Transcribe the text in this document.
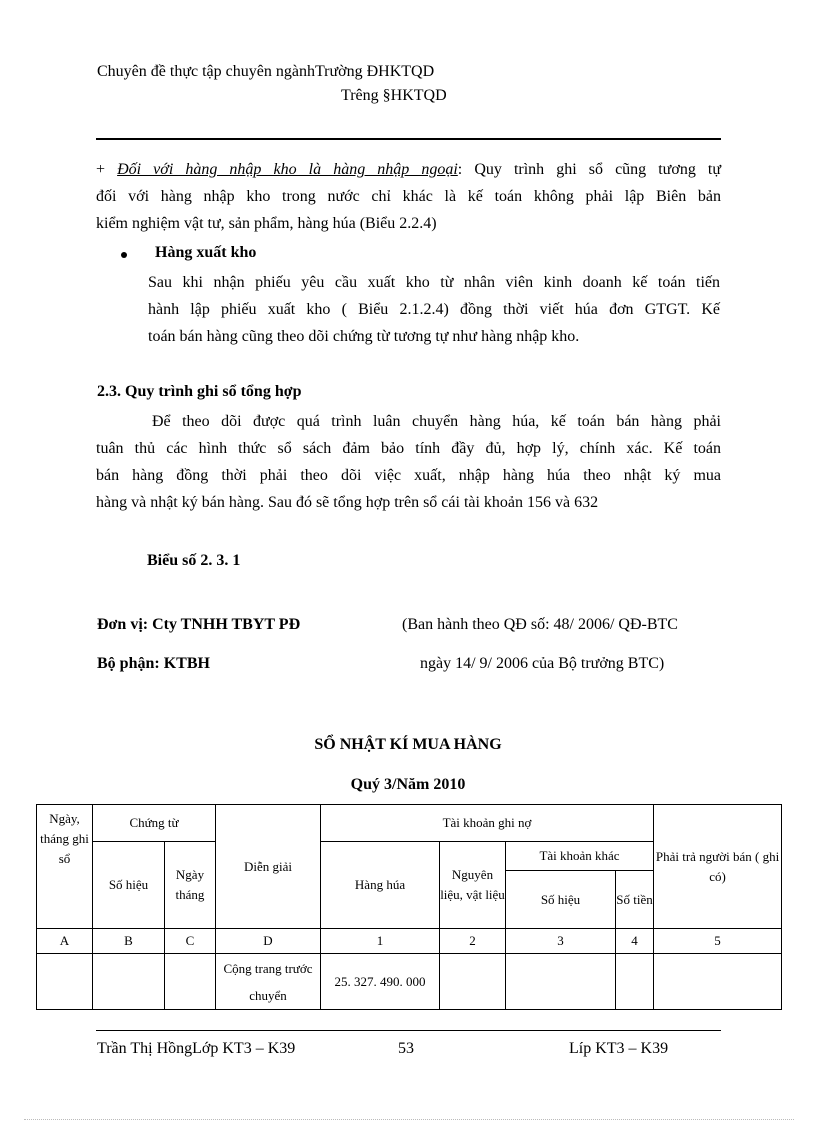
Chuyên đề thực tập chuyên ngànhTrường ĐHKTQD
Trêng §HKTQD
+ Đối với hàng nhập kho là hàng nhập ngoại: Quy trình ghi sổ cũng tương tự
đối với hàng nhập kho trong nước chỉ khác là kế toán không phải lập Biên bản
kiểm nghiệm vật tư, sản phẩm, hàng húa (Biểu 2.2.4)
Hàng xuất kho
Sau khi nhận phiếu yêu cầu xuất kho từ nhân viên kinh doanh kế toán tiến
hành lập phiếu xuất kho ( Biểu 2.1.2.4) đồng thời viết húa đơn GTGT. Kế
toán bán hàng cũng theo dõi chứng từ tương tự như hàng nhập kho.
2.3. Quy trình ghi sổ tổng hợp
Để theo dõi được quá trình luân chuyển hàng húa, kế toán bán hàng phải
tuân thủ các hình thức sổ sách đảm bảo tính đầy đủ, hợp lý, chính xác. Kế toán
bán hàng đồng thời phải theo dõi việc xuất, nhập hàng húa theo nhật ký mua
hàng và nhật ký bán hàng. Sau đó sẽ tổng hợp trên sổ cái tài khoản 156 và 632
Biểu số 2. 3. 1
Đơn vị: Cty TNHH TBYT PĐ	(Ban hành theo QĐ số: 48/ 2006/ QĐ-BTC
Bộ phận: KTBH	ngày 14/ 9/ 2006 của Bộ trưởng BTC)
SỔ NHẬT KÍ MUA HÀNG
Quý 3/Năm 2010
Ngày, tháng ghi sổ	Chứng từ		Diễn giải	Tài khoản ghi nợ				Phải trả người bán ( ghi có)
	Số hiệu	Ngày tháng		Hàng húa	Nguyên liệu, vật liệu	Tài khoản khác		
						Số hiệu	Số tiền	
A	B	C	D	1	2	3	4	5
			Cộng trang trước chuyển	25. 327. 490. 000				
Trần Thị HồngLớp KT3 – K39	53	Líp KT3 – K39
